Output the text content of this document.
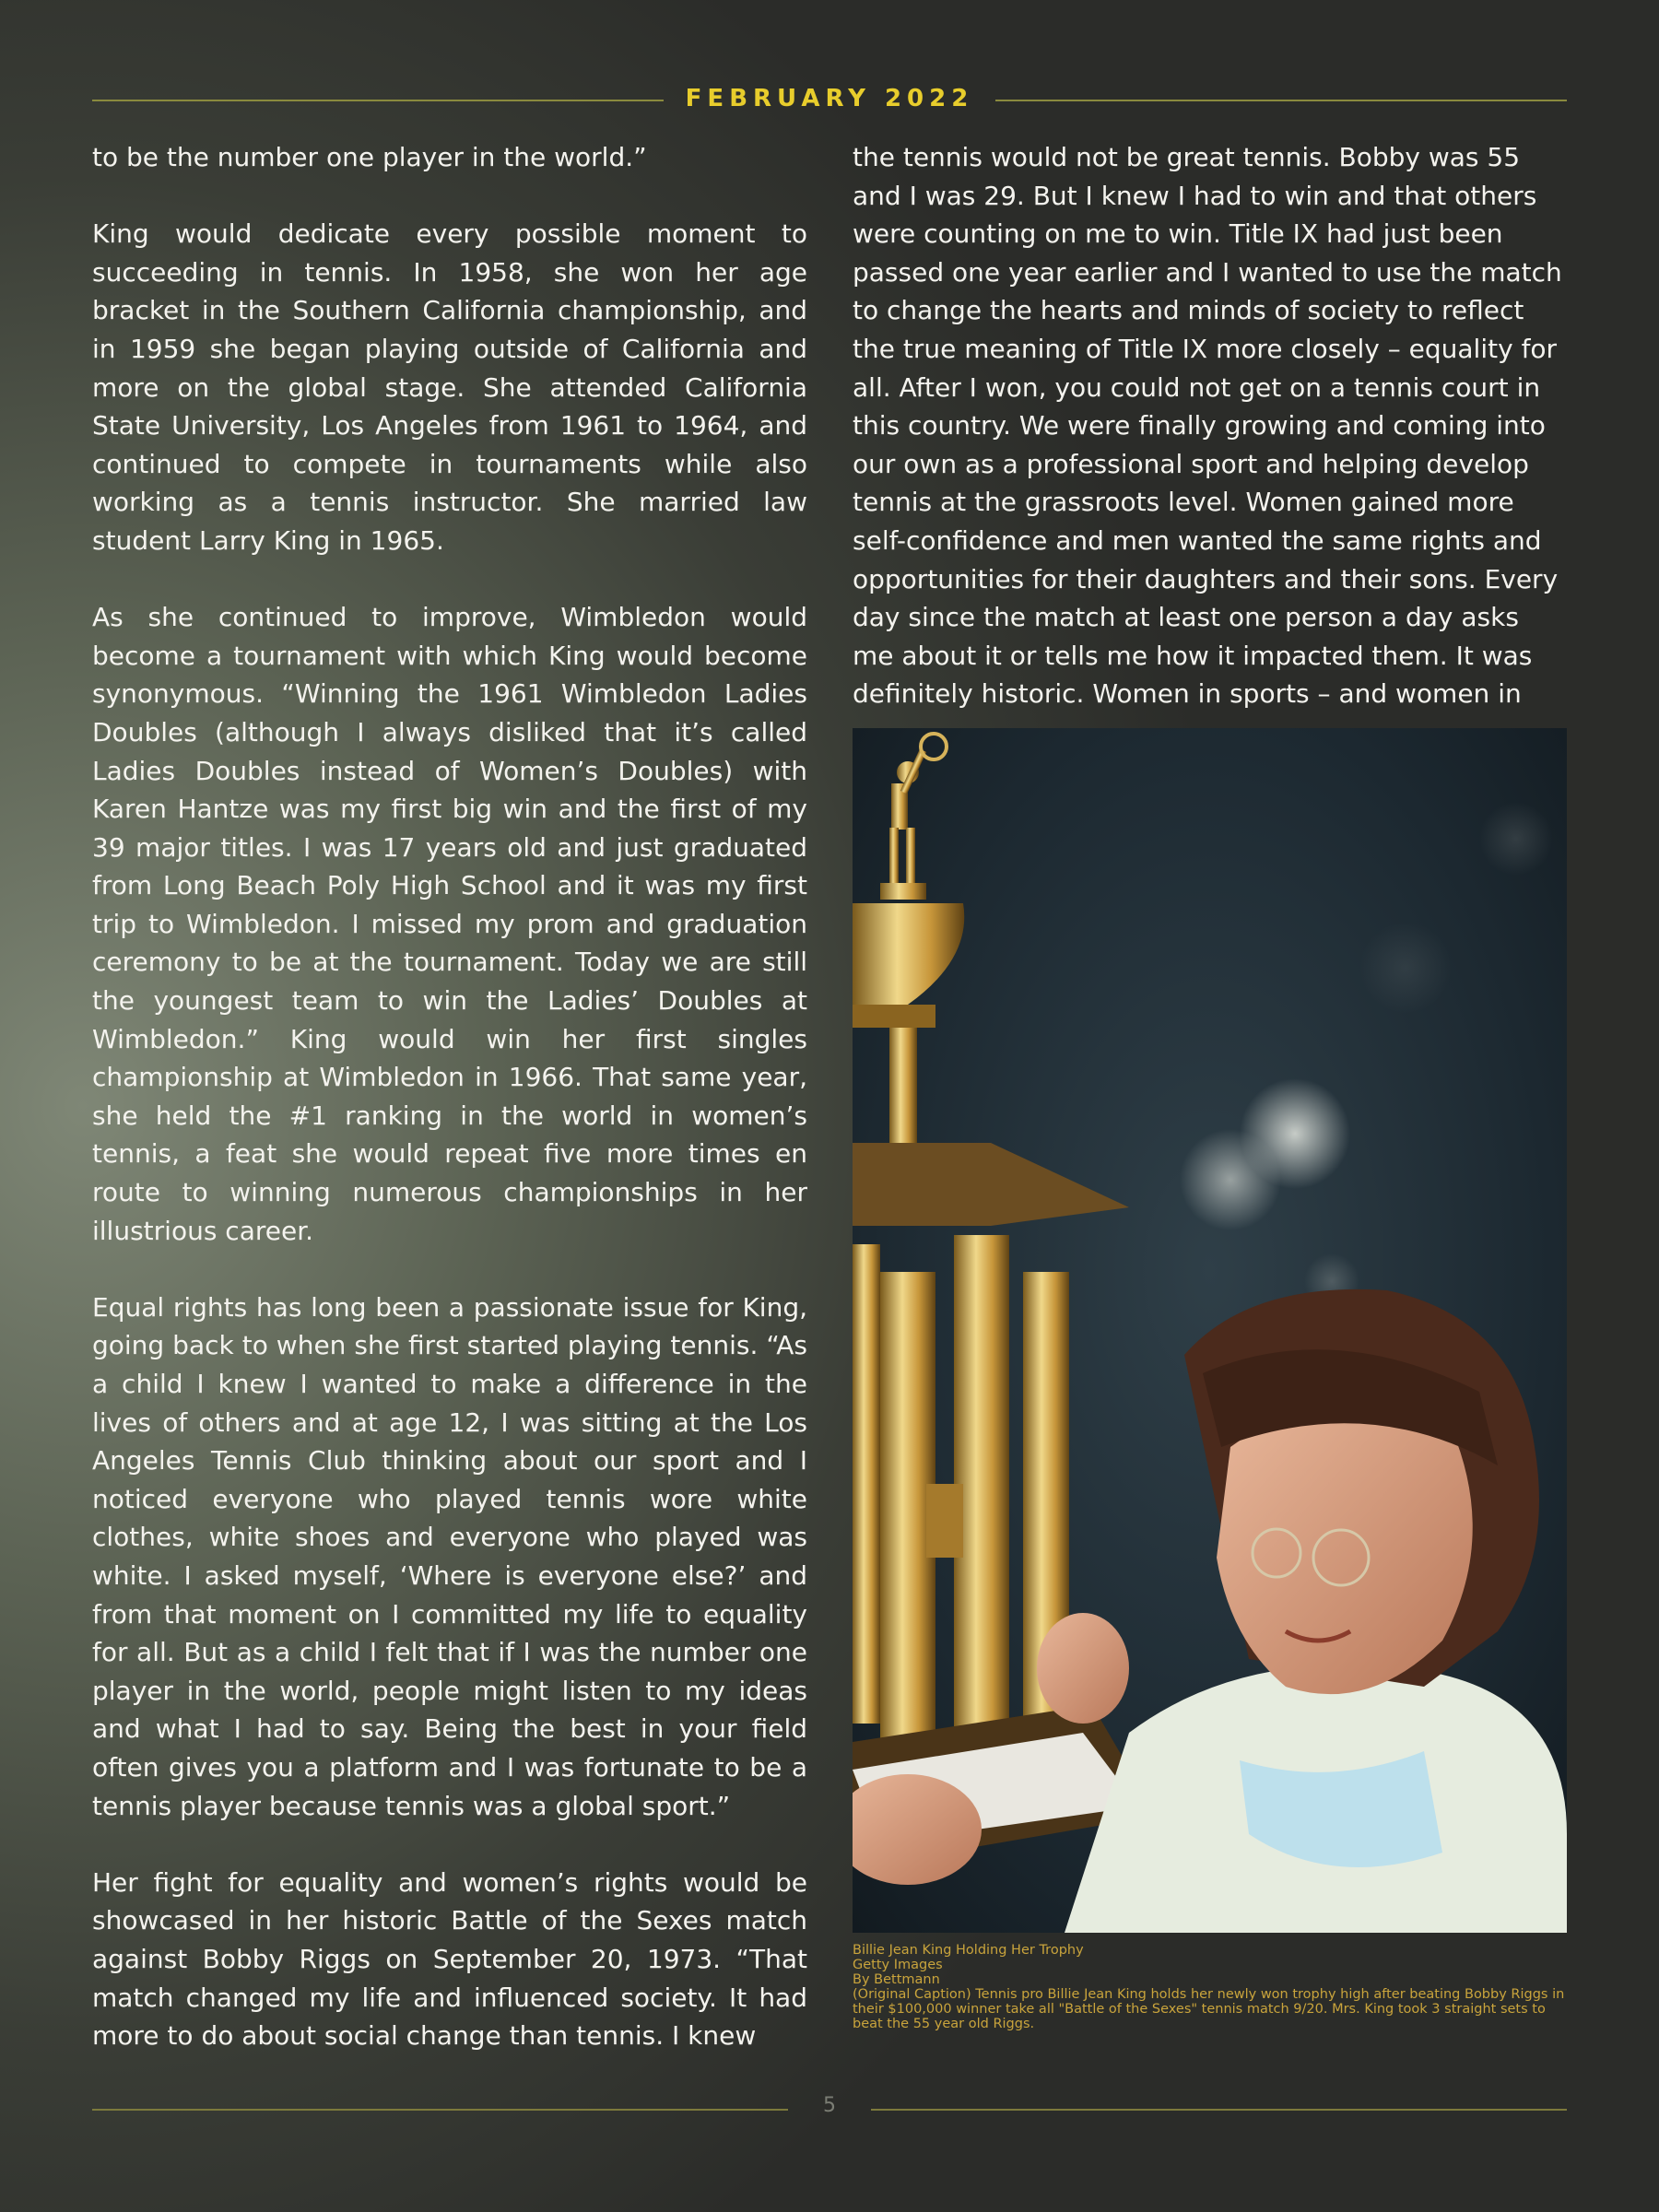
FEBRUARY 2022

to be the number one player in the world.”

King would dedicate every possible moment to succeeding in tennis. In 1958, she won her age bracket in the Southern California championship, and in 1959 she began playing outside of California and more on the global stage. She attended California State University, Los Angeles from 1961 to 1964, and continued to compete in tournaments while also working as a tennis instructor. She married law student Larry King in 1965.

As she continued to improve, Wimbledon would become a tournament with which King would become synonymous. “Winning the 1961 Wimbledon Ladies Doubles (although I always disliked that it’s called Ladies Doubles instead of Women’s Doubles) with Karen Hantze was my first big win and the first of my 39 major titles. I was 17 years old and just graduated from Long Beach Poly High School and it was my first trip to Wimbledon. I missed my prom and graduation ceremony to be at the tournament. Today we are still the youngest team to win the Ladies’ Doubles at Wimbledon.” King would win her first singles championship at Wimbledon in 1966. That same year, she held the #1 ranking in the world in women’s tennis, a feat she would repeat five more times en route to winning numerous championships in her illustrious career.

Equal rights has long been a passionate issue for King, going back to when she first started playing tennis. “As a child I knew I wanted to make a difference in the lives of others and at age 12, I was sitting at the Los Angeles Tennis Club thinking about our sport and I noticed everyone who played tennis wore white clothes, white shoes and everyone who played was white. I asked myself, ‘Where is everyone else?’ and from that moment on I committed my life to equality for all. But as a child I felt that if I was the number one player in the world, people might listen to my ideas and what I had to say. Being the best in your field often gives you a platform and I was fortunate to be a tennis player because tennis was a global sport.”

Her fight for equality and women’s rights would be showcased in her historic Battle of the Sexes match against Bobby Riggs on September 20, 1973. “That match changed my life and influenced society. It had more to do about social change than tennis. I knew

the tennis would not be great tennis. Bobby was 55 and I was 29. But I knew I had to win and that others were counting on me to win. Title IX had just been passed one year earlier and I wanted to use the match to change the hearts and minds of society to reflect the true meaning of Title IX more closely – equality for all. After I won, you could not get on a tennis court in this country. We were finally growing and coming into our own as a professional sport and helping develop tennis at the grassroots level. Women gained more self-confidence and men wanted the same rights and opportunities for their daughters and their sons. Every day since the match at least one person a day asks me about it or tells me how it impacted them. It was definitely historic. Women in sports – and women in

Billie Jean King Holding Her Trophy
Getty Images
By Bettmann
(Original Caption) Tennis pro Billie Jean King holds her newly won trophy high after beating Bobby Riggs in their $100,000 winner take all "Battle of the Sexes" tennis match 9/20. Mrs. King took 3 straight sets to beat the 55 year old Riggs.
5
